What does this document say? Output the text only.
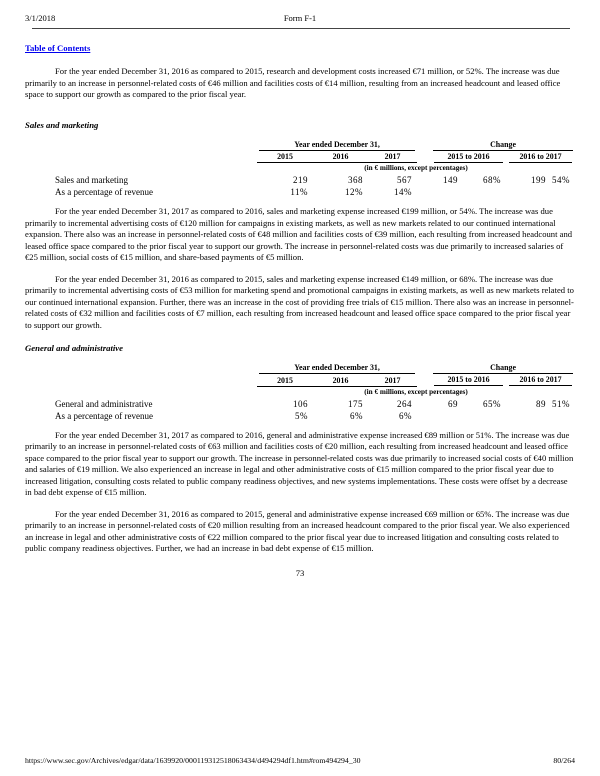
3/1/2018	Form F-1
Table of Contents

For the year ended December 31, 2016 as compared to 2015, research and development costs increased €71 million, or 52%. The increase was due primarily to an increase in personnel-related costs of €46 million and facilities costs of €14 million, resulting from an increased headcount and leased office space to support our growth as compared to the prior fiscal year.

Sales and marketing

	Year ended December 31,				Change			

	2015	2016	2017		2015 to 2016		2016 to 2017	

	(in € millions, except percentages)							
Sales and marketing	219	368	567		149	68%	199	54%
As a percentage of revenue	11%	12%	14%					

For the year ended December 31, 2017 as compared to 2016, sales and marketing expense increased €199 million, or 54%. The increase was due primarily to incremental advertising costs of €120 million for campaigns in existing markets, as well as new markets related to our continued international expansion. There also was an increase in personnel-related costs of €48 million and facilities costs of €39 million, each resulting from increased headcount and leased office space compared to the prior fiscal year to support our growth. The increase in personnel-related costs was due primarily to increased salaries of €25 million, social costs of €15 million, and share-based payments of €5 million.

For the year ended December 31, 2016 as compared to 2015, sales and marketing expense increased €149 million, or 68%. The increase was due primarily to incremental advertising costs of €53 million for marketing spend and promotional campaigns in existing markets, as well as new markets related to our continued international expansion. Further, there was an increase in the cost of providing free trials of €15 million. There also was an increase in personnel-related costs of €32 million and facilities costs of €7 million, each resulting from increased headcount and leased office space compared to the prior fiscal year to support our growth.

General and administrative

	Year ended December 31,				Change			

	2015	2016	2017		2015 to 2016		2016 to 2017	

	(in € millions, except percentages)							
General and administrative	106	175	264		69	65%	89	51%
As a percentage of revenue	5%	6%	6%					

For the year ended December 31, 2017 as compared to 2016, general and administrative expense increased €89 million or 51%. The increase was due primarily to an increase in personnel-related costs of €63 million and facilities costs of €20 million, each resulting from increased headcount and leased office space compared to the prior fiscal year to support our growth. The increase in personnel-related costs was due primarily to increased social costs of €40 million and salaries of €19 million. We also experienced an increase in legal and other administrative costs of €15 million compared to the prior fiscal year due to increased litigation, consulting costs related to public company readiness objectives, and new systems implementations. These costs were offset by a decrease in bad debt expense of €15 million.

For the year ended December 31, 2016 as compared to 2015, general and administrative expense increased €69 million or 65%. The increase was due primarily to an increase in personnel-related costs of €20 million resulting from an increased headcount compared to the prior fiscal year. We also experienced an increase in legal and other administrative costs of €22 million compared to the prior fiscal year due to increased litigation and consulting costs related to public company readiness objectives. Further, we had an increase in bad debt expense of €15 million.

73
https://www.sec.gov/Archives/edgar/data/1639920/000119312518063434/d494294df1.htm#rom494294_30	80/264
